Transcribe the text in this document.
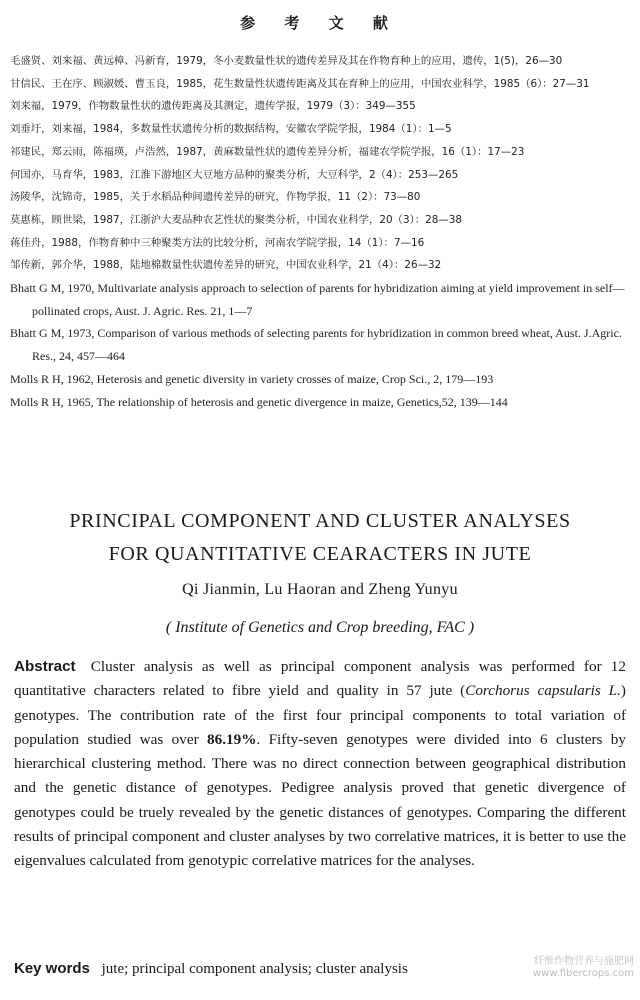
参 考 文 献
毛盛贤、刘来福、黄远樟、冯新育，1979，冬小麦数量性状的遗传差异及其在作物育种上的应用，遗传，1(5)，26—30
甘信民、王在序、顾淑媛、曹玉良，1985，花生数量性状遗传距离及其在育种上的应用，中国农业科学，1985（6）：27—31
刘来福，1979，作物数量性状的遗传距离及其测定，遗传学报，1979（3）：349—355
刘垂圩，刘来福，1984，多数量性状遗传分析的数据结构，安徽农学院学报，1984（1）：1—5
祁建民，郑云雨，陈福瑛，卢浩然，1987，黄麻数量性状的遗传差异分析，福建农学院学报，16（1）：17—23
何国亦，马育华，1983，江淮下游地区大豆地方品种的聚类分析，大豆科学，2（4）：253—265
汤陵华，沈锦奇，1985，关于水稻品种间遗传差异的研究，作物学报，11（2）：73—80
莫惠栋，顾世梁，1987，江浙沪大麦品种农艺性状的聚类分析，中国农业科学，20（3）：28—38
蒋佳舟，1988，作物育种中三种聚类方法的比较分析，河南农学院学报，14（1）：7—16
邹传新，郭介华，1988，陆地棉数量性状遗传差异的研究，中国农业科学，21（4）：26—32
Bhatt G M, 1970, Multivariate analysis approach to selection of parents for hybridization aiming at yield improvement in self—pollinated crops, Aust. J. Agric. Res. 21, 1—7
Bhatt G M, 1973, Comparison of various methods of selecting parents for hybridization in common breed wheat, Aust. J.Agric. Res., 24, 457—464
Molls R H, 1962, Heterosis and genetic diversity in variety crosses of maize, Crop Sci., 2, 179—193
Molls R H, 1965, The relationship of heterosis and genetic divergence in maize, Genetics,52, 139—144
PRINCIPAL COMPONENT AND CLUSTER ANALYSES
FOR QUANTITATIVE CEARACTERS IN JUTE
Qi Jianmin, Lu Haoran and Zheng Yunyu
( Institute of Genetics and Crop breeding, FAC )

Abstract Cluster analysis as well as principal component analysis was performed for 12 quantitative characters related to fibre yield and quality in 57 jute (Corchorus capsularis L.) genotypes. The contribution rate of the first four principal components to total variation of population studied was over 86.19%. Fifty-seven genotypes were divided into 6 clusters by hierarchical clustering method. There was no direct connection between geographical distribution and the genetic distance of genotypes. Pedigree analysis proved that genetic divergence of genotypes could be truely revealed by the genetic distances of genotypes. Comparing the different results of principal component and cluster analyses by two correlative matrices, it is better to use the eigenvalues calculated from genotypic correlative matrices for the analyses.

Key words jute; principal component analysis; cluster analysis	纤维作物营养与施肥网
www.fibercrops.com
